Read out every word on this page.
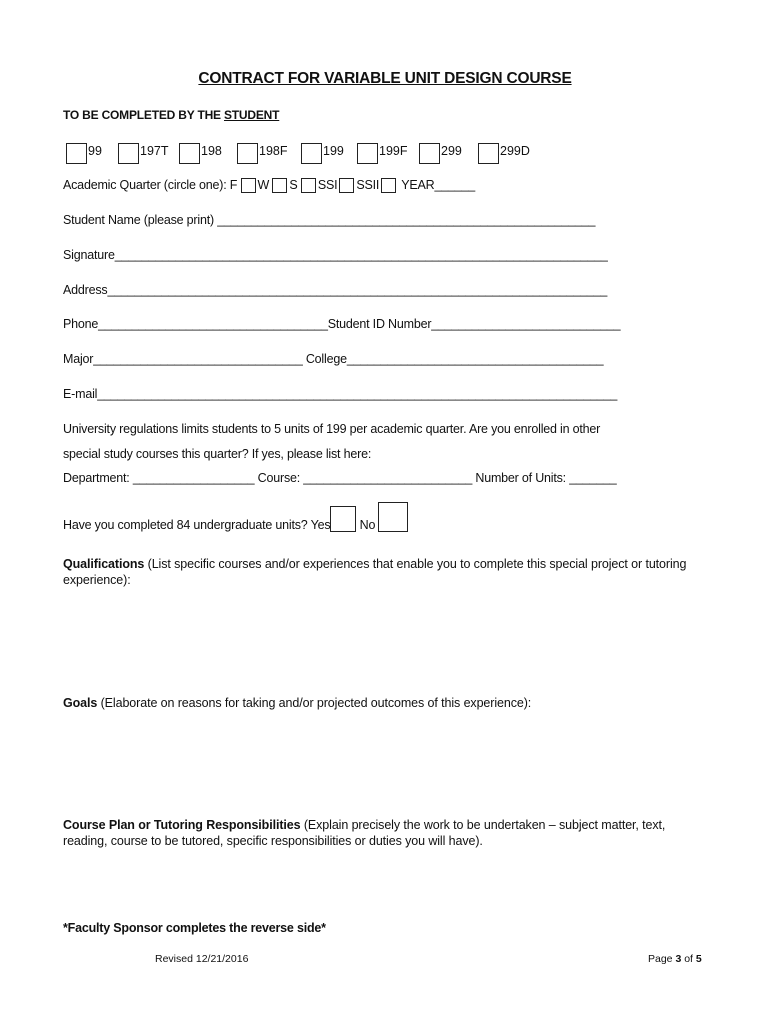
CONTRACT FOR VARIABLE UNIT DESIGN COURSE
TO BE COMPLETED BY THE STUDENT
99	197T	198	198F	199	199F	299	299D
Academic Quarter (circle one): F W S SSI SSII YEAR______
Student Name (please print) ________________________________________________________
Signature_________________________________________________________________________
Address__________________________________________________________________________
Phone__________________________________Student ID Number____________________________
Major_______________________________ College______________________________________
E-mail_____________________________________________________________________________
University regulations limits students to 5 units of 199 per academic quarter. Are you enrolled in other
special study courses this quarter? If yes, please list here:
Department: __________________ Course: _________________________ Number of Units: _______
Have you completed 84 undergraduate units? Yes No
Qualifications (List specific courses and/or experiences that enable you to complete this special project or tutoring experience):
Goals (Elaborate on reasons for taking and/or projected outcomes of this experience):
Course Plan or Tutoring Responsibilities (Explain precisely the work to be undertaken – subject matter, text, reading, course to be tutored, specific responsibilities or duties you will have).
*Faculty Sponsor completes the reverse side*
Revised 12/21/2016	Page 3 of 5
